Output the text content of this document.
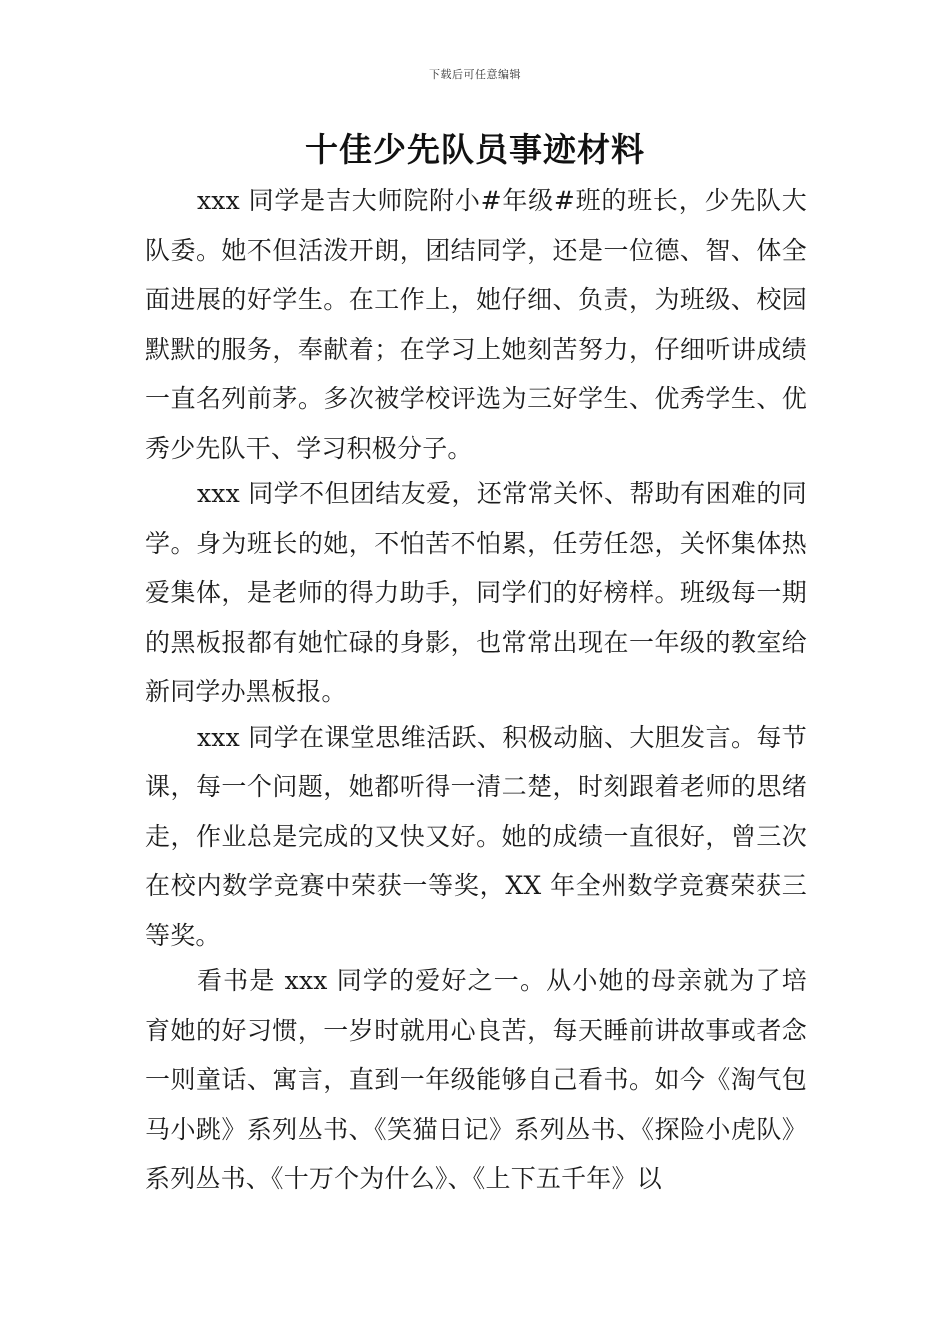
下载后可任意编辑
十佳少先队员事迹材料

xxx 同学是吉大师院附小#年级#班的班长，少先队大队委。她不但活泼开朗，团结同学，还是一位德、智、体全面进展的好学生。在工作上，她仔细、负责，为班级、校园默默的服务，奉献着；在学习上她刻苦努力，仔细听讲成绩一直名列前茅。多次被学校评选为三好学生、优秀学生、优秀少先队干、学习积极分子。

xxx 同学不但团结友爱，还常常关怀、帮助有困难的同学。身为班长的她，不怕苦不怕累，任劳任怨，关怀集体热爱集体，是老师的得力助手，同学们的好榜样。班级每一期的黑板报都有她忙碌的身影，也常常出现在一年级的教室给新同学办黑板报。

xxx 同学在课堂思维活跃、积极动脑、大胆发言。每节课，每一个问题，她都听得一清二楚，时刻跟着老师的思绪走，作业总是完成的又快又好。她的成绩一直很好，曾三次在校内数学竞赛中荣获一等奖，XX 年全州数学竞赛荣获三等奖。

看书是 xxx 同学的爱好之一。从小她的母亲就为了培育她的好习惯，一岁时就用心良苦，每天睡前讲故事或者念一则童话、寓言，直到一年级能够自己看书。如今《淘气包马小跳》系列丛书、《笑猫日记》系列丛书、《探险小虎队》系列丛书、《十万个为什么》、《上下五千年》以
